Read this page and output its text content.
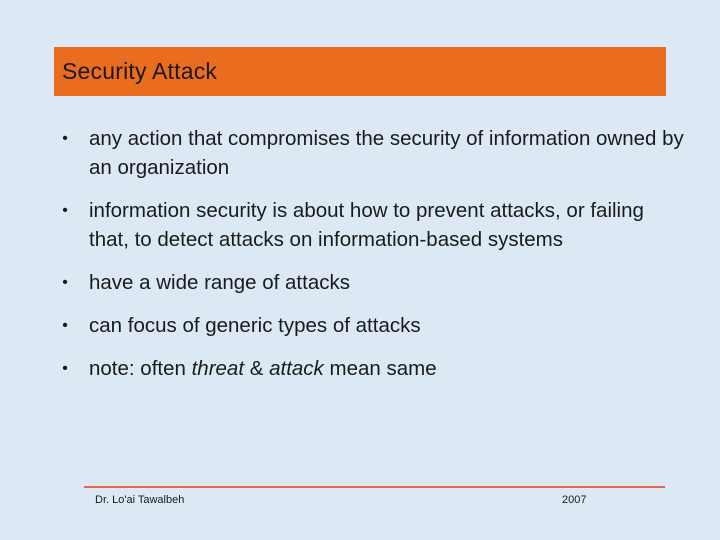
Security Attack
• any action that compromises the security of information owned by an organization
• information security is about how to prevent attacks, or failing that, to detect attacks on information-based systems
• have a wide range of attacks
• can focus of generic types of attacks
• note: often threat & attack mean same
Dr. Lo'ai Tawalbeh	2007
